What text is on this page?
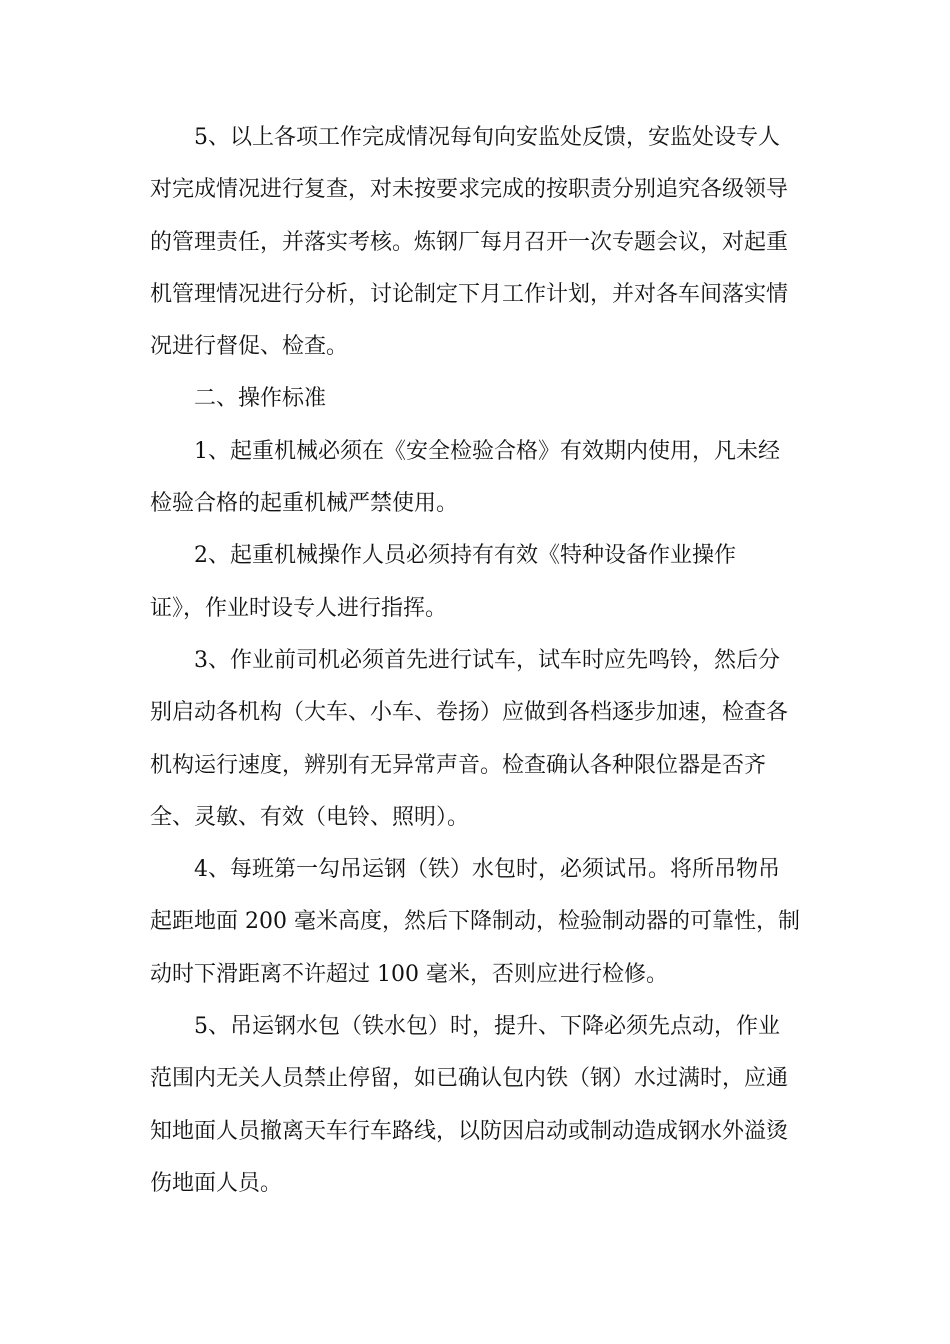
5、以上各项工作完成情况每旬向安监处反馈，安监处设专人
对完成情况进行复查，对未按要求完成的按职责分别追究各级领导
的管理责任，并落实考核。炼钢厂每月召开一次专题会议，对起重
机管理情况进行分析，讨论制定下月工作计划，并对各车间落实情
况进行督促、检查。
二、操作标准
1、起重机械必须在《安全检验合格》有效期内使用，凡未经
检验合格的起重机械严禁使用。
2、起重机械操作人员必须持有有效《特种设备作业操作
证》，作业时设专人进行指挥。
3、作业前司机必须首先进行试车，试车时应先鸣铃，然后分
别启动各机构（大车、小车、卷扬）应做到各档逐步加速，检查各
机构运行速度，辨别有无异常声音。检查确认各种限位器是否齐
全、灵敏、有效（电铃、照明）。
4、每班第一勾吊运钢（铁）水包时，必须试吊。将所吊物吊
起距地面 200 毫米高度，然后下降制动，检验制动器的可靠性，制
动时下滑距离不许超过 100 毫米，否则应进行检修。
5、吊运钢水包（铁水包）时，提升、下降必须先点动，作业
范围内无关人员禁止停留，如已确认包内铁（钢）水过满时，应通
知地面人员撤离天车行车路线，以防因启动或制动造成钢水外溢烫
伤地面人员。
